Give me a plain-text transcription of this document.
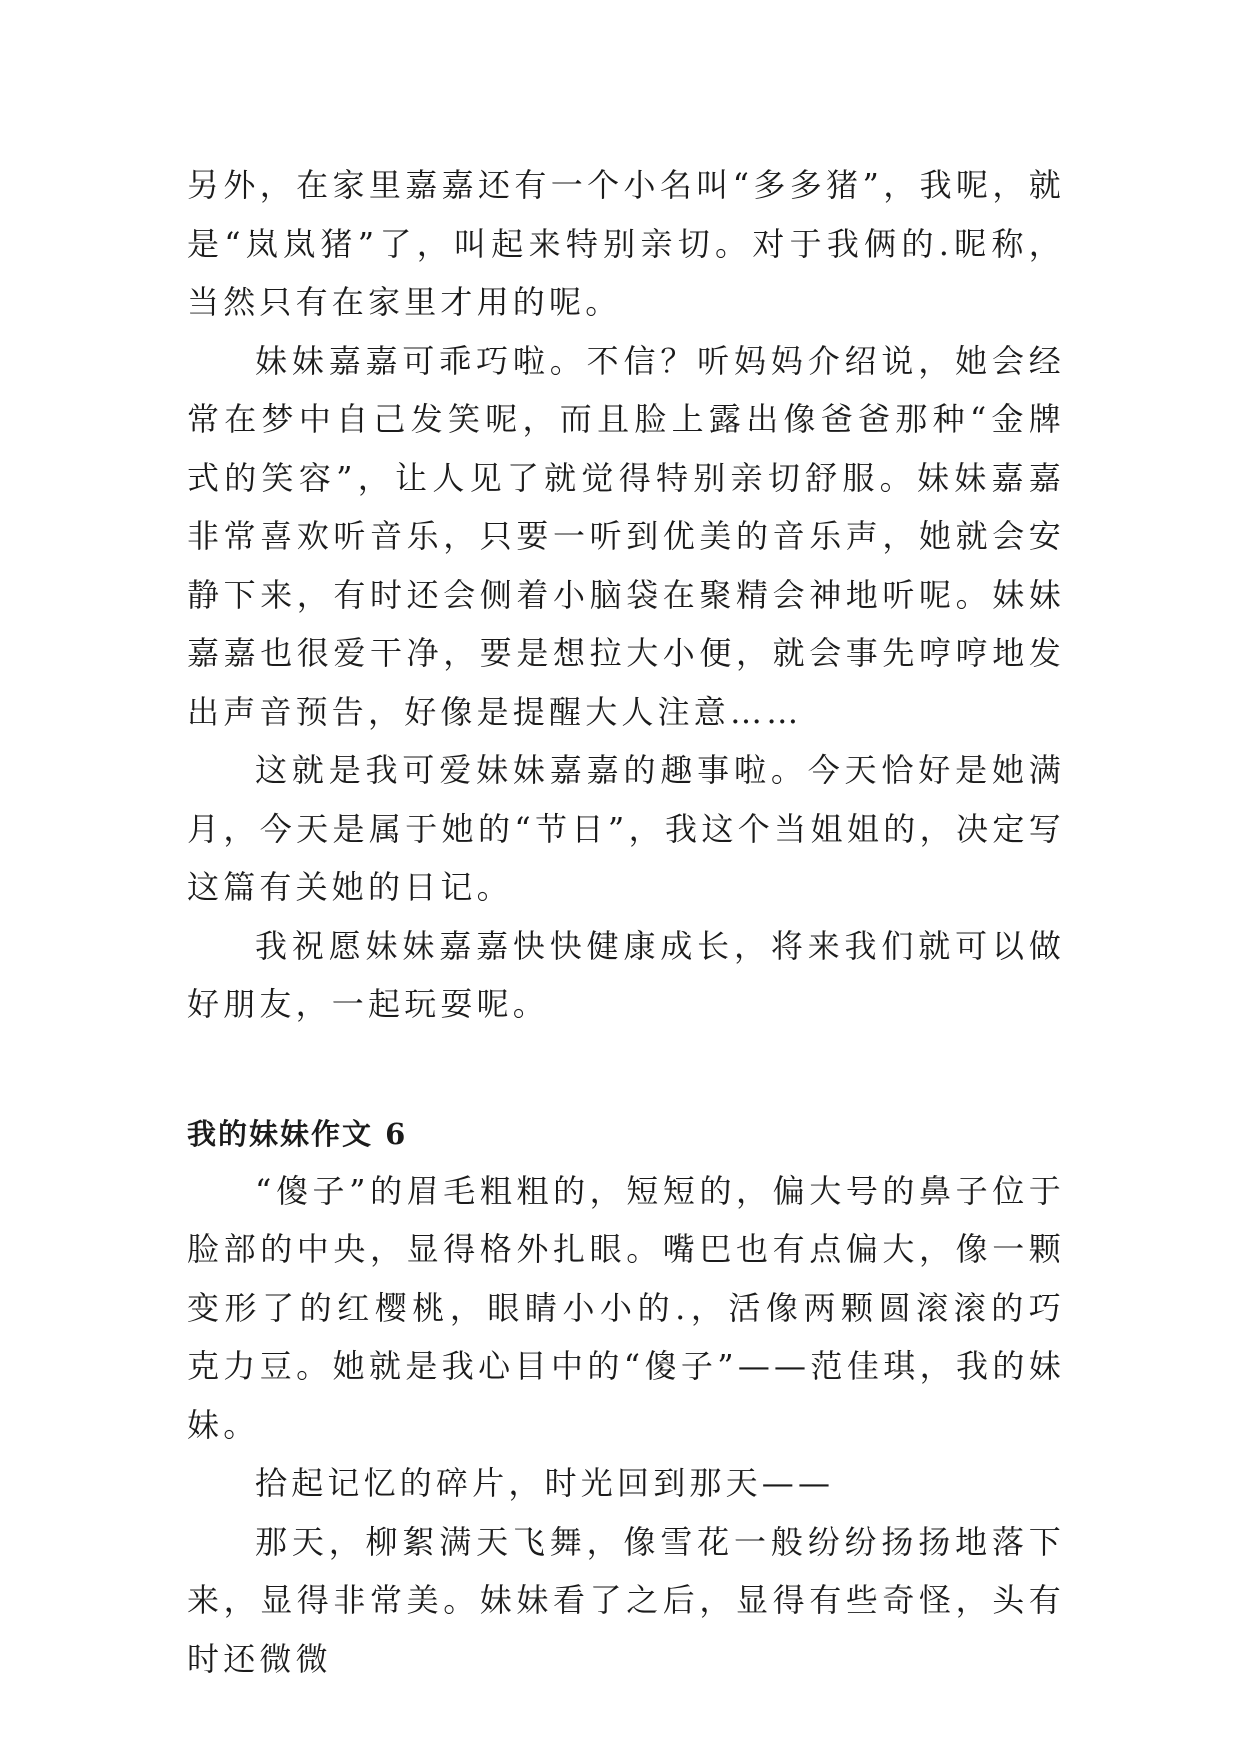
另外，在家里嘉嘉还有一个小名叫“多多猪”，我呢，就是“岚岚猪”了，叫起来特别亲切。对于我俩的.昵称，当然只有在家里才用的呢。

妹妹嘉嘉可乖巧啦。不信？听妈妈介绍说，她会经常在梦中自己发笑呢，而且脸上露出像爸爸那种“金牌式的笑容”，让人见了就觉得特别亲切舒服。妹妹嘉嘉非常喜欢听音乐，只要一听到优美的音乐声，她就会安静下来，有时还会侧着小脑袋在聚精会神地听呢。妹妹嘉嘉也很爱干净，要是想拉大小便，就会事先哼哼地发出声音预告，好像是提醒大人注意……

这就是我可爱妹妹嘉嘉的趣事啦。今天恰好是她满月，今天是属于她的“节日”，我这个当姐姐的，决定写这篇有关她的日记。

我祝愿妹妹嘉嘉快快健康成长，将来我们就可以做好朋友，一起玩耍呢。

我的妹妹作文 6

“傻子”的眉毛粗粗的，短短的，偏大号的鼻子位于脸部的中央，显得格外扎眼。嘴巴也有点偏大，像一颗变形了的红樱桃，眼睛小小的.，活像两颗圆滚滚的巧克力豆。她就是我心目中的“傻子”——范佳琪，我的妹妹。

拾起记忆的碎片，时光回到那天——

那天，柳絮满天飞舞，像雪花一般纷纷扬扬地落下来，显得非常美。妹妹看了之后，显得有些奇怪，头有时还微微
